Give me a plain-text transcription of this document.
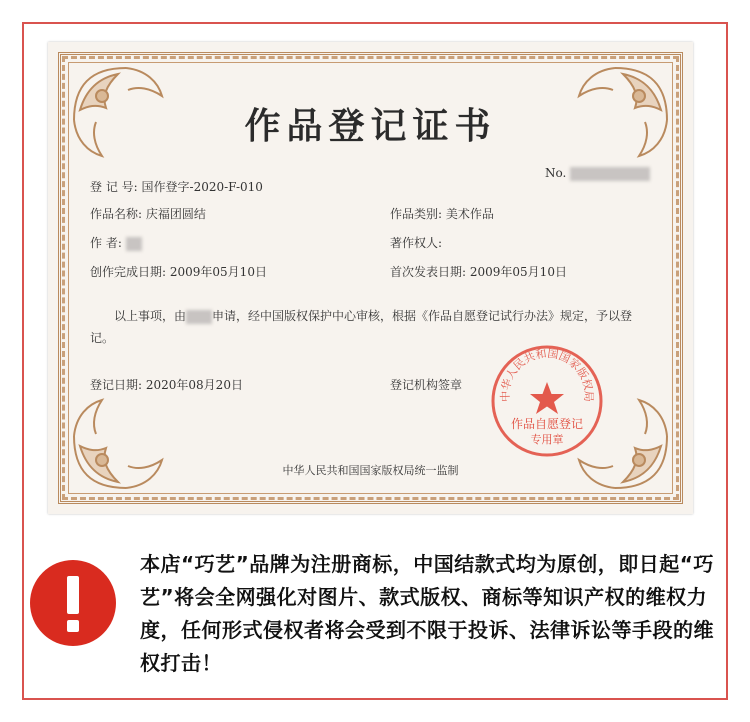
作品登记证书
No.
登 记 号: 国作登字-2020-F-010
作品名称: 庆福团圆结	作品类别: 美术作品
作 者:	著作权人:
创作完成日期: 2009年05月10日	首次发表日期: 2009年05月10日
以上事项，由 申请，经中国版权保护中心审核，根据《作品自愿登记试行办法》规定，予以登记。
登记日期: 2020年08月20日	登记机构签章
中华人民共和国国家版权局
作品自愿登记
专用章
中华人民共和国国家版权局统一监制
本店“巧艺”品牌为注册商标，中国结款式均为原创，即日起“巧艺”将会全网强化对图片、款式版权、商标等知识产权的维权力度，任何形式侵权者将会受到不限于投诉、法律诉讼等手段的维权打击！
